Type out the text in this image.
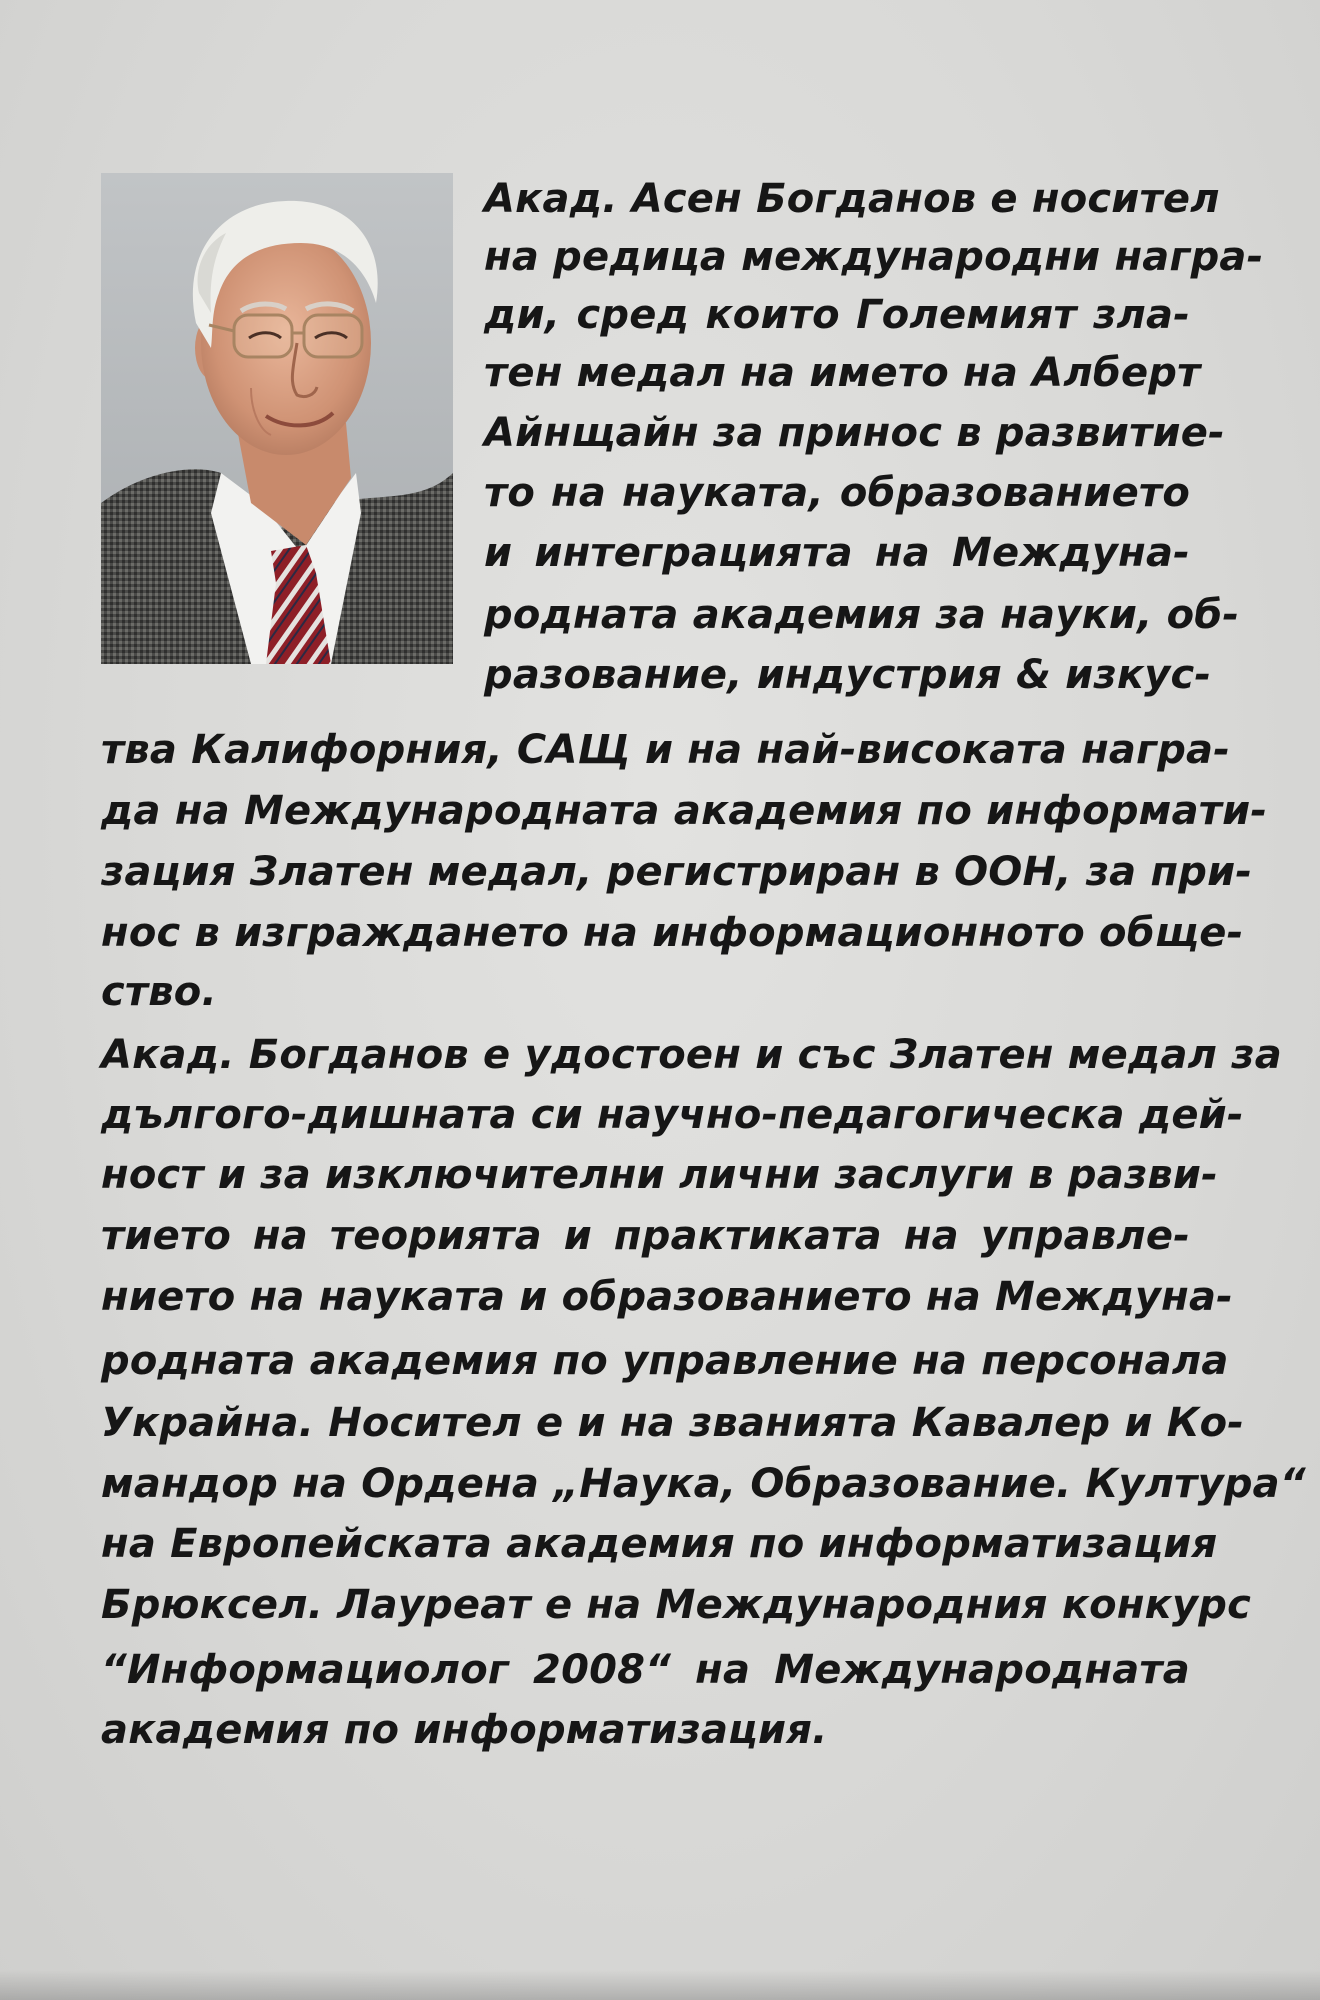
Акад. Асен Богданов е носител

на редица международни награ-

ди, сред които Големият зла-

тен медал на името на Алберт

Айнщайн за принос в развитие-

то на науката, образованието

и интеграцията на Междуна-

родната академия за науки, об-

разование, индустрия & изкус-

тва Калифорния, САЩ и на най-високата награ-

да на Международната академия по информати-

зация Златен медал, регистриран в ООН, за при-

нос в изграждането на информационното обще-

ство.

Акад. Богданов е удостоен и със Златен медал за

дългого-дишната си научно-педагогическа дей-

ност и за изключителни лични заслуги в разви-

тието на теорията и практиката на управле-

нието на науката и образованието на Междуна-

родната академия по управление на персонала

Украйна. Носител е и на званията Кавалер и Ко-

мандор на Ордена „Наука, Образование. Култура“

на Европейската академия по информатизация

Брюксел. Лауреат е на Международния конкурс

“Информациолог 2008“ на Международната

академия по информатизация.
